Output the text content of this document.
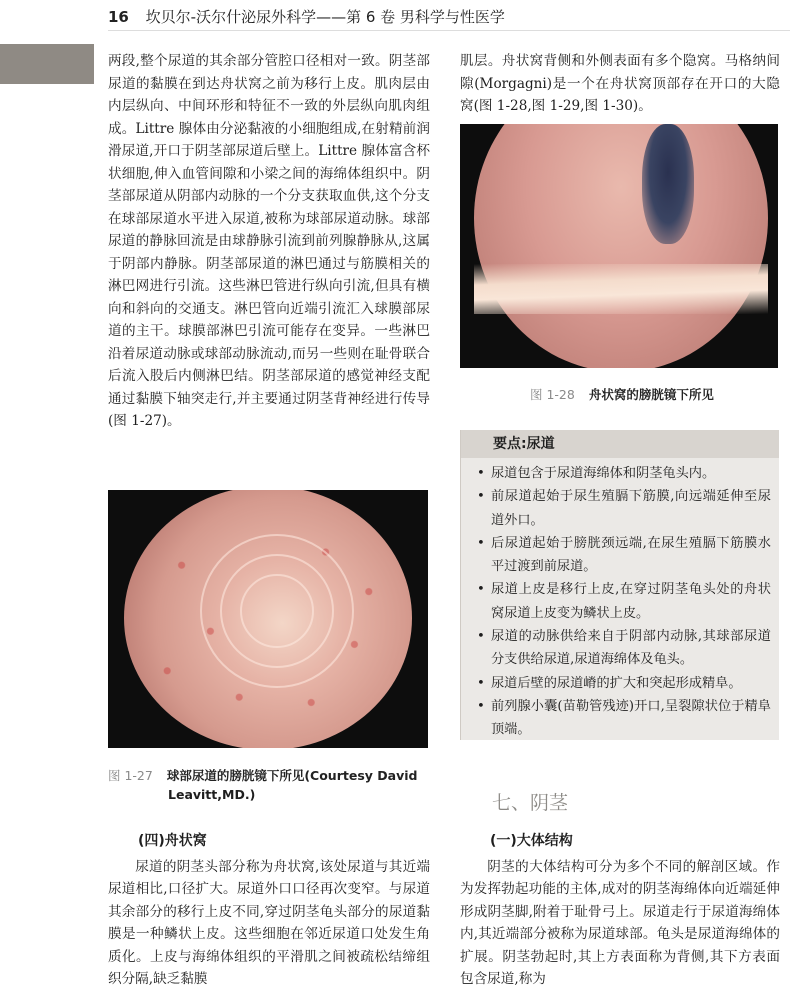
16 坎贝尔-沃尔什泌尿外科学——第 6 卷 男科学与性医学

两段,整个尿道的其余部分管腔口径相对一致。阴茎部尿道的黏膜在到达舟状窝之前为移行上皮。肌肉层由内层纵向、中间环形和特征不一致的外层纵向肌肉组成。Littre 腺体由分泌黏液的小细胞组成,在射精前润滑尿道,开口于阴茎部尿道后壁上。Littre 腺体富含杯状细胞,伸入血管间隙和小梁之间的海绵体组织中。阴茎部尿道从阴部内动脉的一个分支获取血供,这个分支在球部尿道水平进入尿道,被称为球部尿道动脉。球部尿道的静脉回流是由球静脉引流到前列腺静脉从,这属于阴部内静脉。阴茎部尿道的淋巴通过与筋膜相关的淋巴网进行引流。这些淋巴管进行纵向引流,但具有横向和斜向的交通支。淋巴管向近端引流汇入球膜部尿道的主干。球膜部淋巴引流可能存在变异。一些淋巴沿着尿道动脉或球部动脉流动,而另一些则在耻骨联合后流入股后内侧淋巴结。阴茎部尿道的感觉神经支配通过黏膜下轴突走行,并主要通过阴茎背神经进行传导(图 1-27)。

肌层。舟状窝背侧和外侧表面有多个隐窝。马格纳间隙(Morgagni)是一个在舟状窝顶部存在开口的大隐窝(图 1-28,图 1-29,图 1-30)。

图 1-28 舟状窝的膀胱镜下所见
要点:尿道
• 尿道包含于尿道海绵体和阴茎龟头内。
• 前尿道起始于尿生殖膈下筋膜,向远端延伸至尿道外口。
• 后尿道起始于膀胱颈远端,在尿生殖膈下筋膜水平过渡到前尿道。
• 尿道上皮是移行上皮,在穿过阴茎龟头处的舟状窝尿道上皮变为鳞状上皮。
• 尿道的动脉供给来自于阴部内动脉,其球部尿道分支供给尿道,尿道海绵体及龟头。
• 尿道后壁的尿道嵴的扩大和突起形成精阜。
• 前列腺小囊(苗勒管残迹)开口,呈裂隙状位于精阜顶端。
图 1-27 球部尿道的膀胱镜下所见(Courtesy David
Leavitt,MD.)	七、阴茎
(四)舟状窝

尿道的阴茎头部分称为舟状窝,该处尿道与其近端尿道相比,口径扩大。尿道外口口径再次变窄。与尿道其余部分的移行上皮不同,穿过阴茎龟头部分的尿道黏膜是一种鳞状上皮。这些细胞在邻近尿道口处发生角质化。上皮与海绵体组织的平滑肌之间被疏松结缔组织分隔,缺乏黏膜

(一)大体结构

阴茎的大体结构可分为多个不同的解剖区域。作为发挥勃起功能的主体,成对的阴茎海绵体向近端延伸形成阴茎脚,附着于耻骨弓上。尿道走行于尿道海绵体内,其近端部分被称为尿道球部。龟头是尿道海绵体的扩展。阴茎勃起时,其上方表面称为背侧,其下方表面包含尿道,称为
